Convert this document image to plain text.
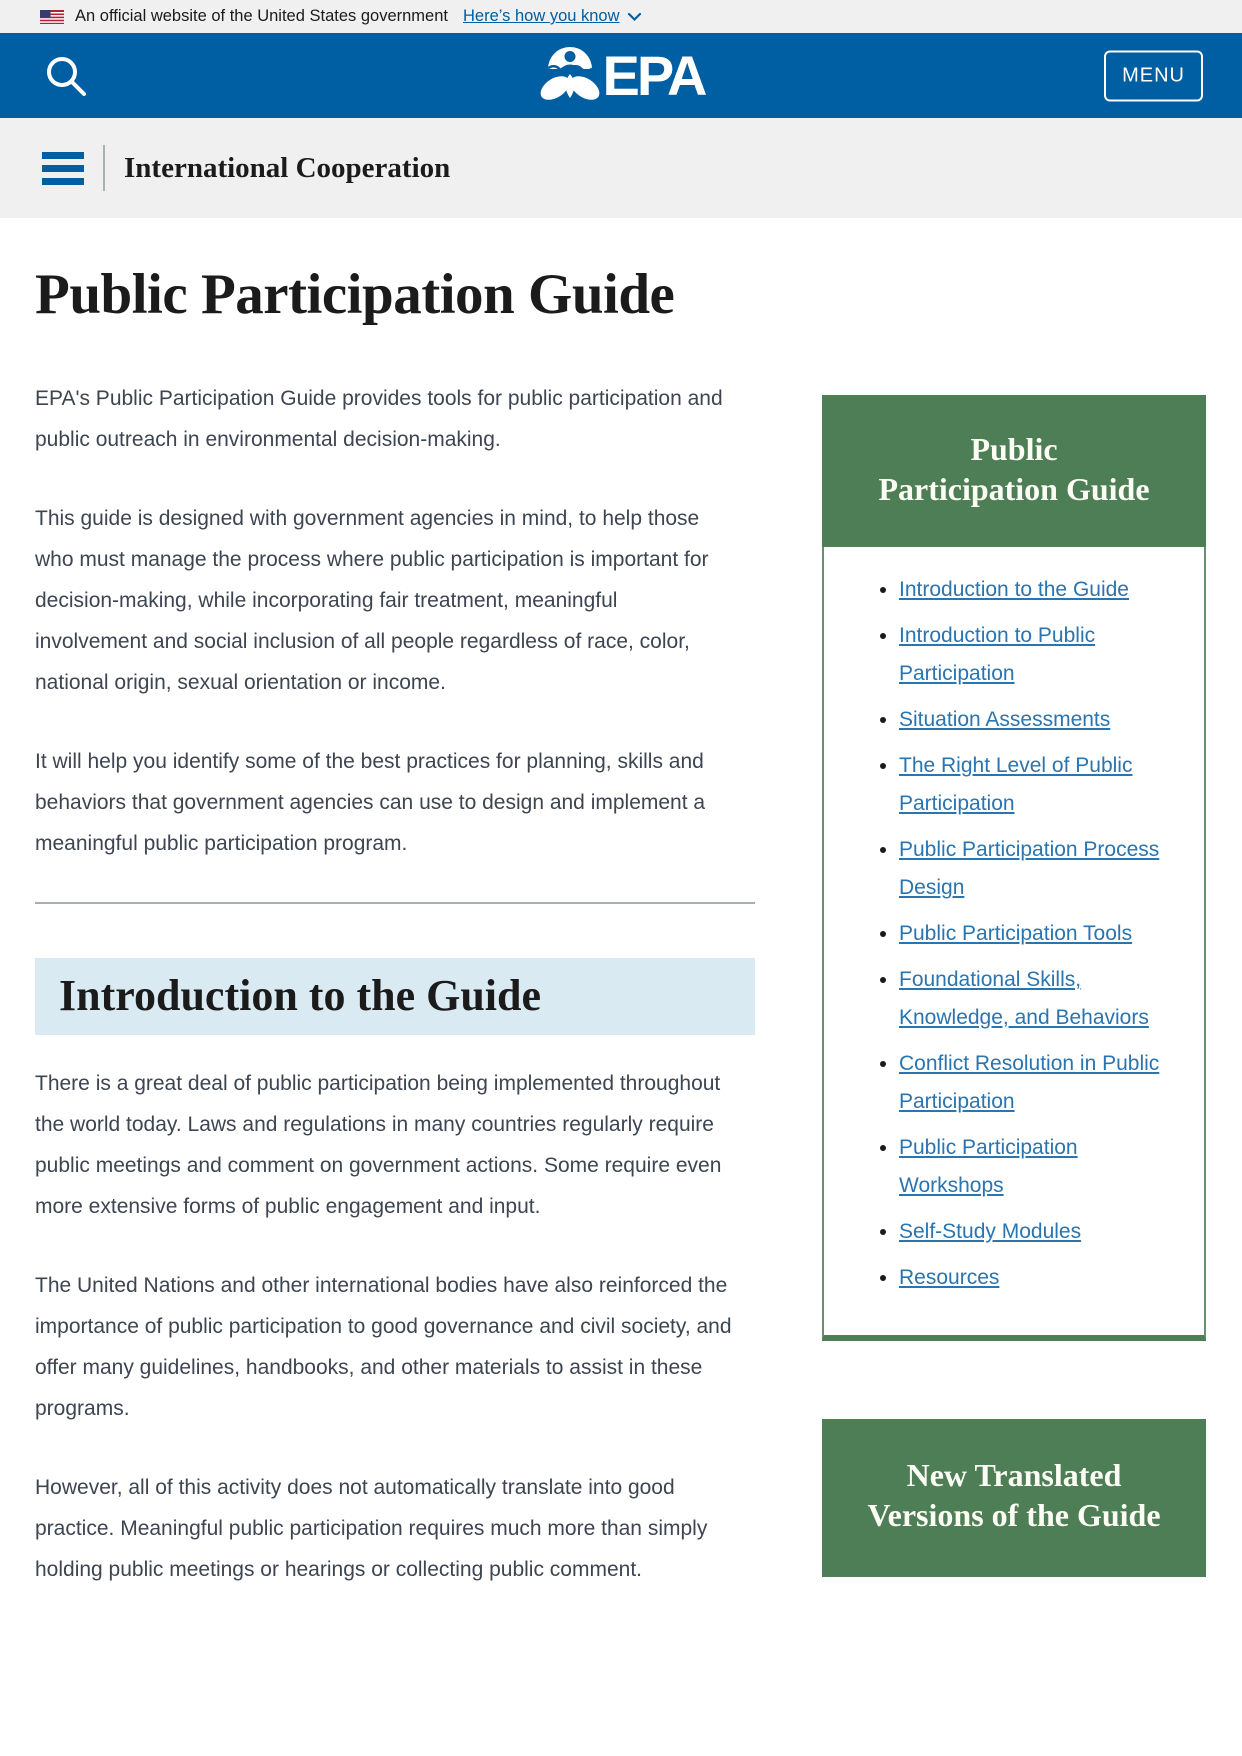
An official website of the United States government Here’s how you know
EPA	MENU
International Cooperation
Public Participation Guide

EPA's Public Participation Guide provides tools for public participation and public outreach in environmental decision-making.

This guide is designed with government agencies in mind, to help those who must manage the process where public participation is important for decision-making, while incorporating fair treatment, meaningful involvement and social inclusion of all people regardless of race, color, national origin, sexual orientation or income.

It will help you identify some of the best practices for planning, skills and behaviors that government agencies can use to design and implement a meaningful public participation program.

Introduction to the Guide

There is a great deal of public participation being implemented throughout the world today. Laws and regulations in many countries regularly require public meetings and comment on government actions. Some require even more extensive forms of public engagement and input.

The United Nations and other international bodies have also reinforced the importance of public participation to good governance and civil society, and offer many guidelines, handbooks, and other materials to assist in these programs.

However, all of this activity does not automatically translate into good practice. Meaningful public participation requires much more than simply holding public meetings or hearings or collecting public comment.

Public Participation Guide
• Introduction to the Guide
• Introduction to Public Participation
• Situation Assessments
• The Right Level of Public Participation
• Public Participation Process Design
• Public Participation Tools
• Foundational Skills, Knowledge, and Behaviors
• Conflict Resolution in Public Participation
• Public Participation Workshops
• Self-Study Modules
• Resources
New Translated Versions of the Guide
